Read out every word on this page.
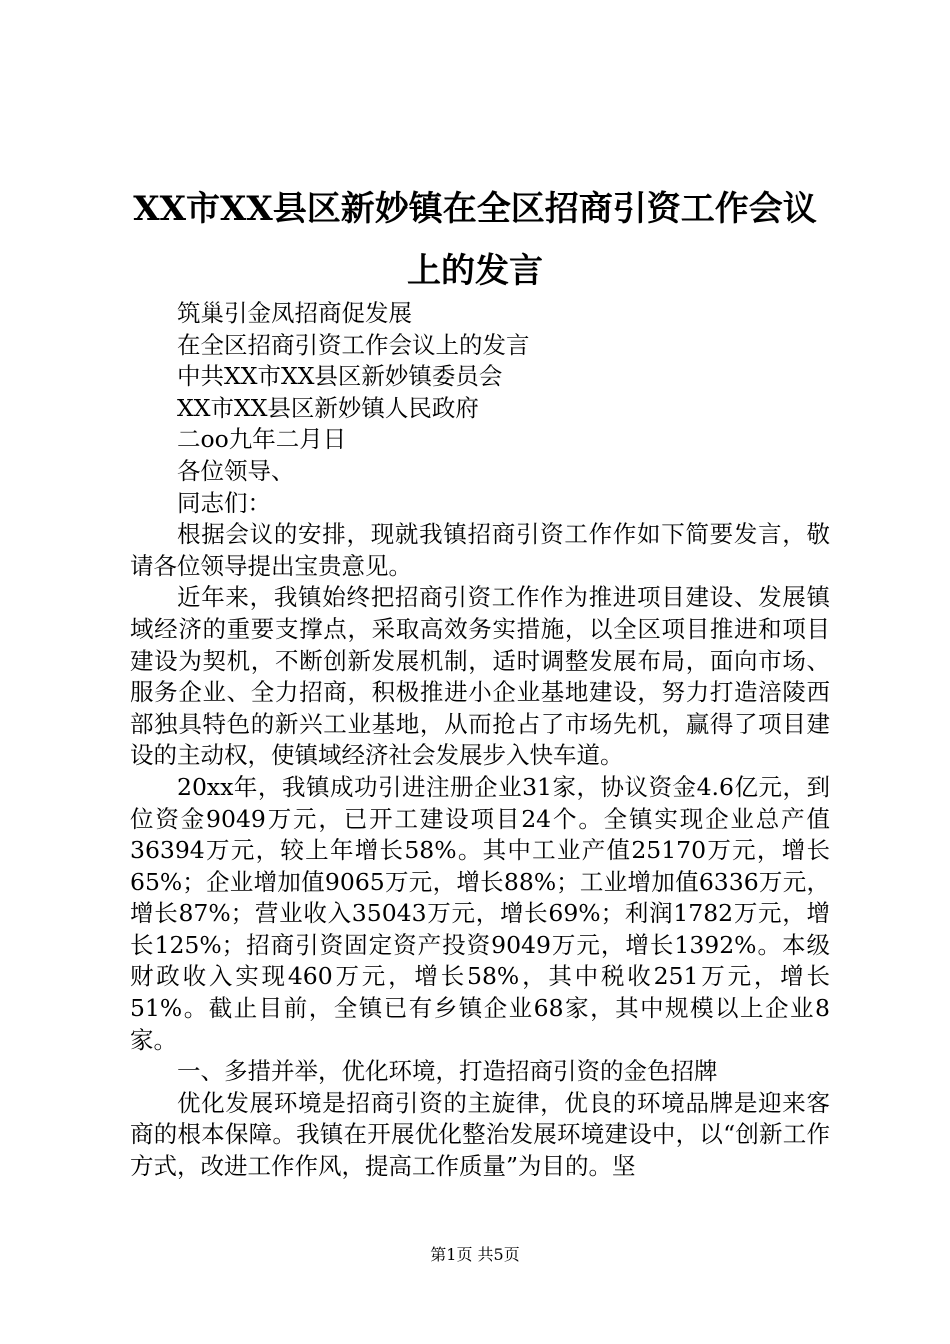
XX市XX县区新妙镇在全区招商引资工作会议
上的发言

筑巢引金凤招商促发展

在全区招商引资工作会议上的发言

中共XX市XX县区新妙镇委员会

XX市XX县区新妙镇人民政府

二oo九年二月日

各位领导、

同志们：

根据会议的安排，现就我镇招商引资工作作如下简要发言，敬请各位领导提出宝贵意见。

近年来，我镇始终把招商引资工作作为推进项目建设、发展镇域经济的重要支撑点，采取高效务实措施，以全区项目推进和项目建设为契机，不断创新发展机制，适时调整发展布局，面向市场、服务企业、全力招商，积极推进小企业基地建设，努力打造涪陵西部独具特色的新兴工业基地，从而抢占了市场先机，赢得了项目建设的主动权，使镇域经济社会发展步入快车道。

20xx年，我镇成功引进注册企业31家，协议资金4.6亿元，到位资金9049万元，已开工建设项目24个。全镇实现企业总产值36394万元，较上年增长58%。其中工业产值25170万元，增长65%；企业增加值9065万元，增长88%；工业增加值6336万元，增长87%；营业收入35043万元，增长69%；利润1782万元，增长125%；招商引资固定资产投资9049万元，增长1392%。本级财政收入实现460万元，增长58%，其中税收251万元，增长51%。截止目前，全镇已有乡镇企业68家，其中规模以上企业8家。

一、多措并举，优化环境，打造招商引资的金色招牌

优化发展环境是招商引资的主旋律，优良的环境品牌是迎来客商的根本保障。我镇在开展优化整治发展环境建设中，以“创新工作方式，改进工作作风，提高工作质量”为目的。坚

第1页 共5页
